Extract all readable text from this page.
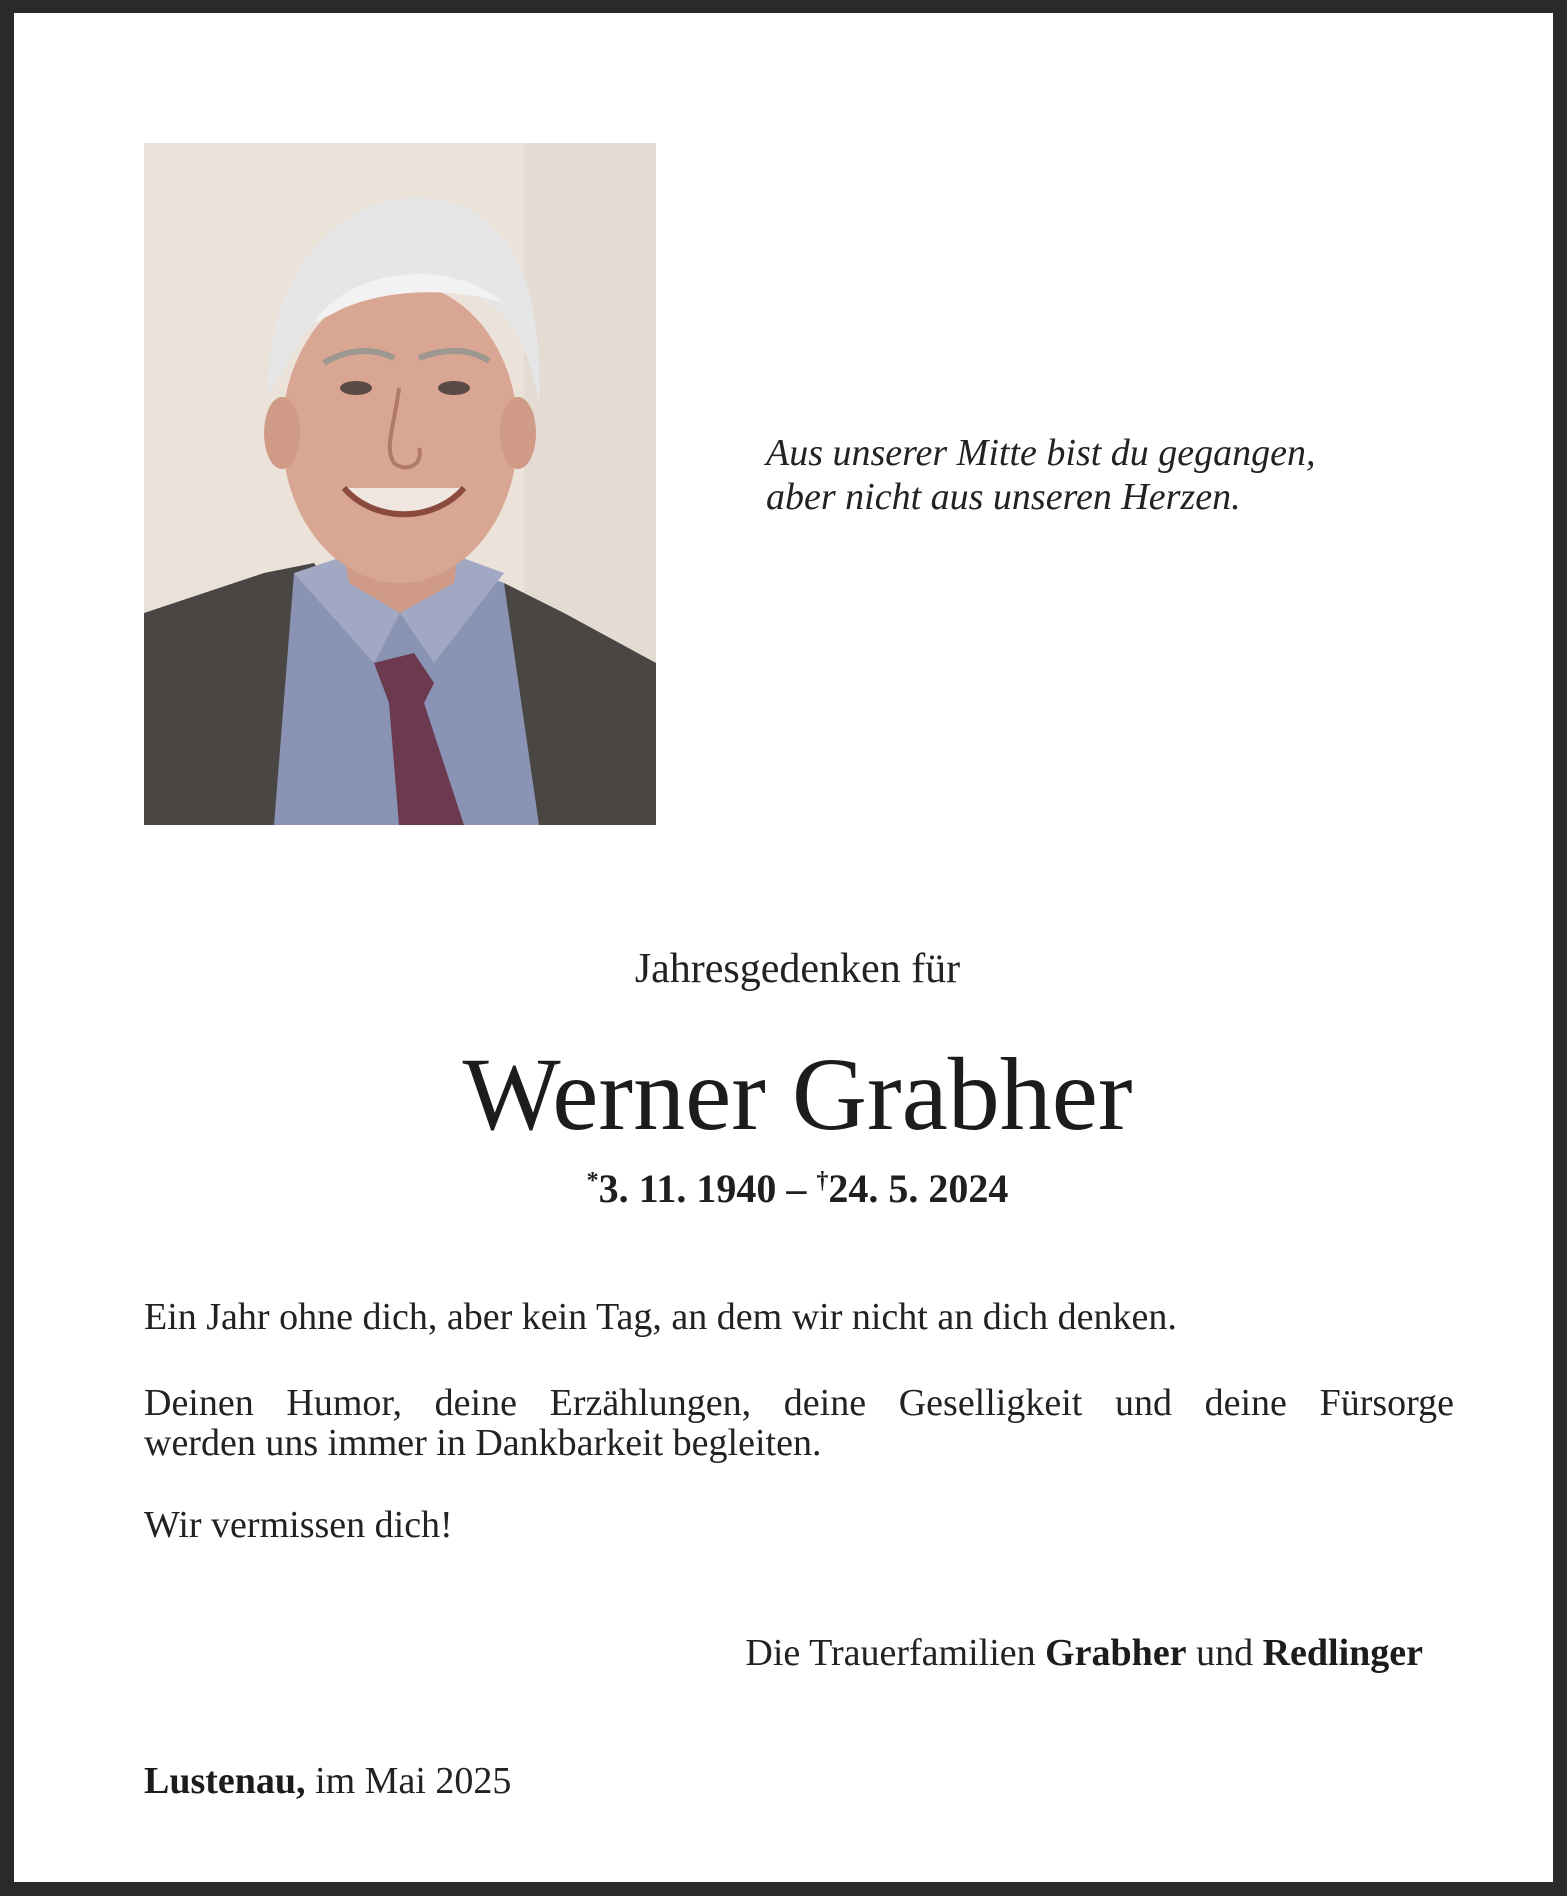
Aus unserer Mitte bist du gegangen,
aber nicht aus unseren Herzen.
Jahresgedenken für
Werner Grabher
*3. 11. 1940 – †24. 5. 2024
Ein Jahr ohne dich, aber kein Tag, an dem wir nicht an dich denken.
Deinen Humor, deine Erzählungen, deine Geselligkeit und deine Fürsorge
werden uns immer in Dankbarkeit begleiten.
Wir vermissen dich!
Die Trauerfamilien Grabher und Redlinger
Lustenau, im Mai 2025
